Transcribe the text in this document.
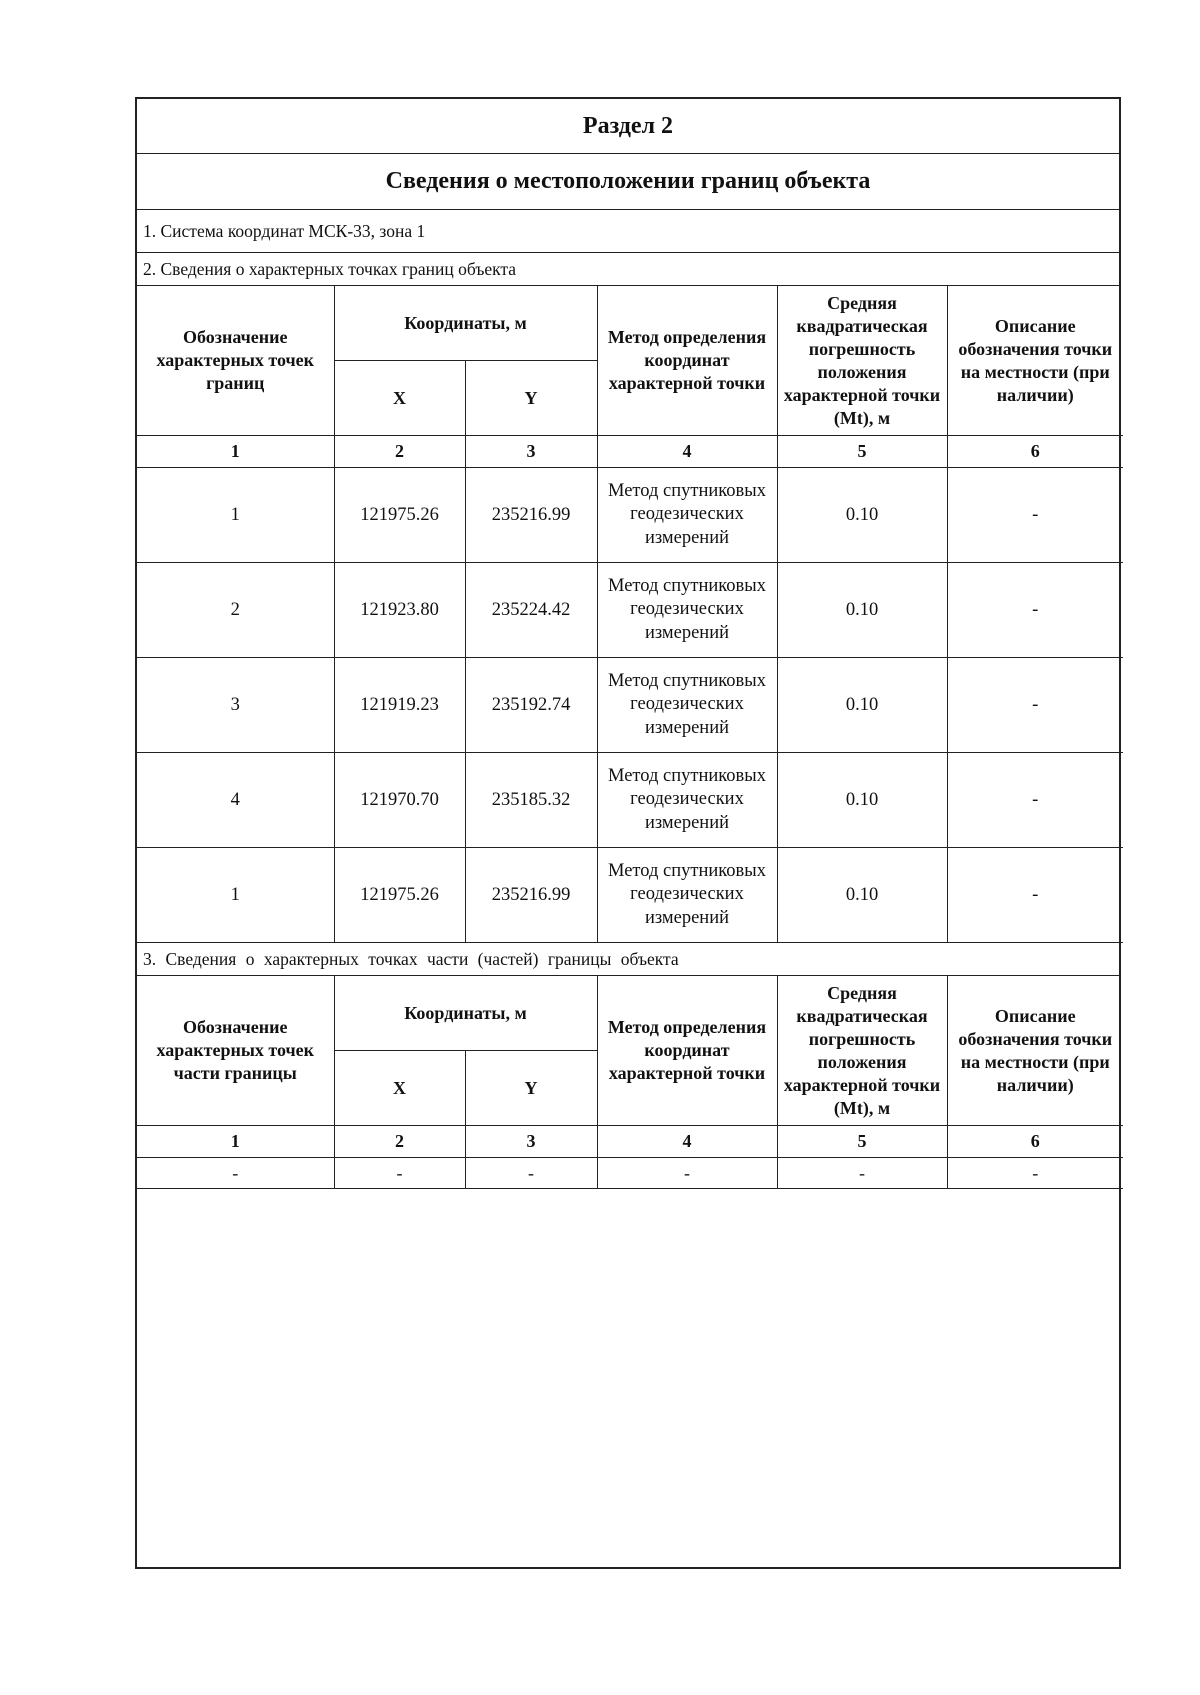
Раздел 2
Сведения о местоположении границ объекта
1. Система координат МСК-33, зона 1
2. Сведения о характерных точках границ объекта
Обозначение характерных точек границ	Координаты, м		Метод определения координат характерной точки	Средняя квадратическая погрешность положения характерной точки (Mt), м	Описание обозначения точки на местности (при наличии)
	X	Y			
1	2	3	4	5	6
1	121975.26	235216.99	Метод спутниковых геодезических измерений	0.10	-
2	121923.80	235224.42	Метод спутниковых геодезических измерений	0.10	-
3	121919.23	235192.74	Метод спутниковых геодезических измерений	0.10	-
4	121970.70	235185.32	Метод спутниковых геодезических измерений	0.10	-
1	121975.26	235216.99	Метод спутниковых геодезических измерений	0.10	-
3. Сведения о характерных точках части (частей) границы объекта
Обозначение характерных точек части границы	Координаты, м		Метод определения координат характерной точки	Средняя квадратическая погрешность положения характерной точки (Mt), м	Описание обозначения точки на местности (при наличии)
	X	Y			
1	2	3	4	5	6
-	-	-	-	-	-
